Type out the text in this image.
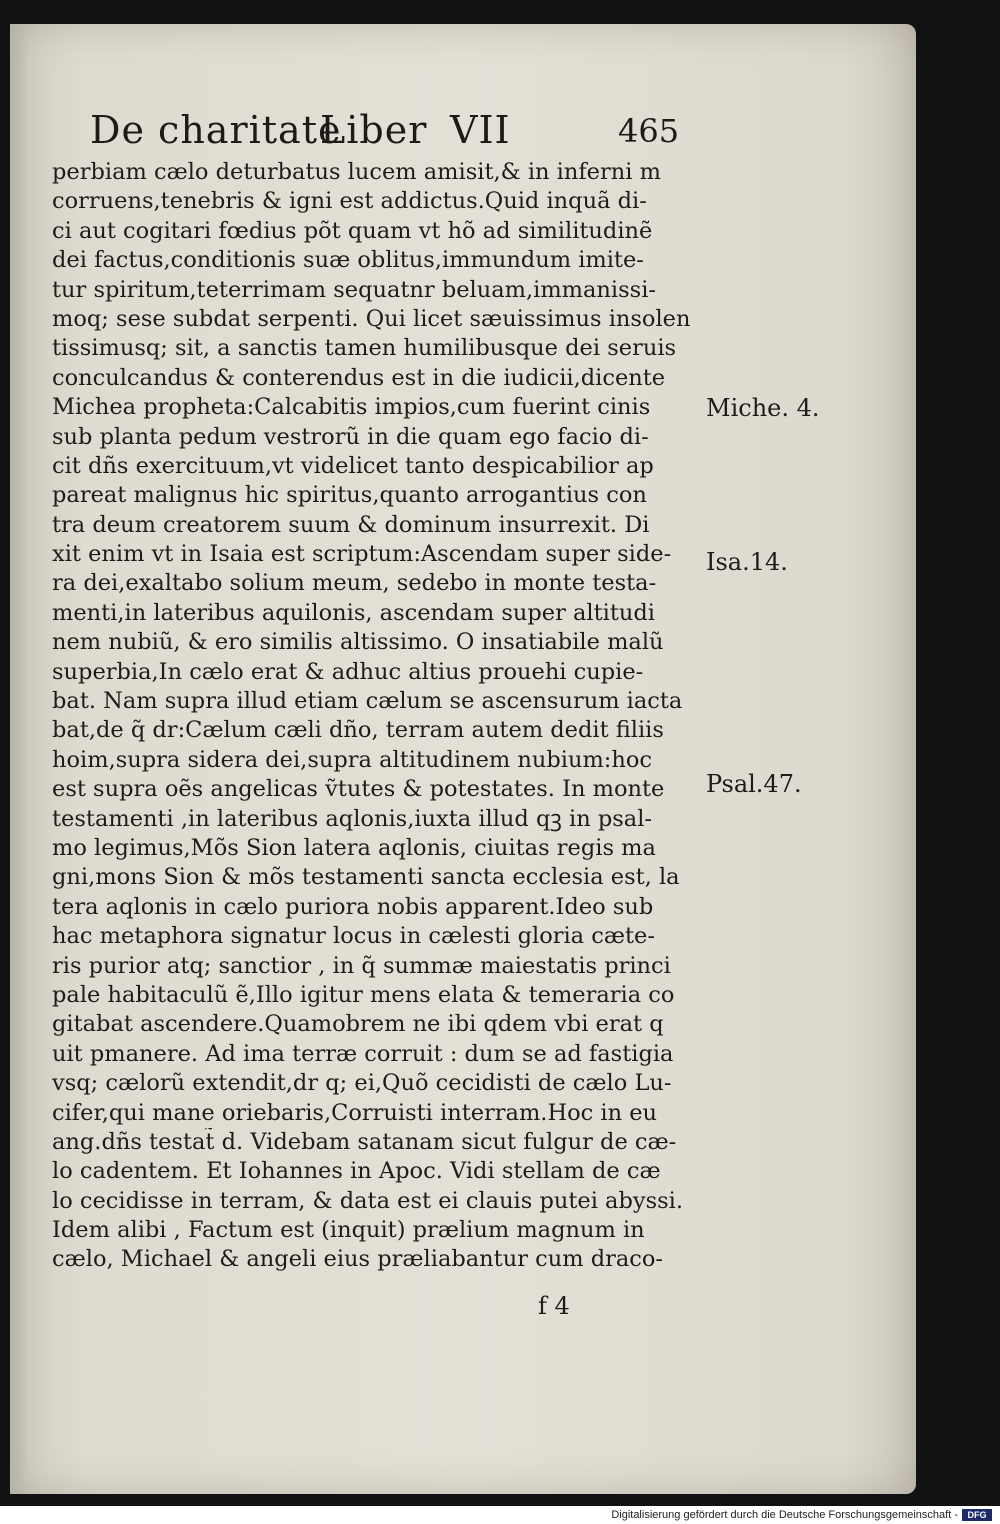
De charitate
Liber VII	465
perbiam cælo deturbatus lucem amisit,& in inferni m
corruens,tenebris & igni est addictus.Quid inquã di-
ci aut cogitari fœdius põt quam vt hõ ad similitudinẽ
dei factus,conditionis suæ oblitus,immundum imite-
tur spiritum,teterrimam sequatnr beluam,immanissi-
moq; sese subdat serpenti. Qui licet sæuissimus insolen
tissimusq; sit, a sanctis tamen humilibusque dei seruis
conculcandus & conterendus est in die iudicii,dicente
Michea propheta:Calcabitis impios,cum fuerint cinis
sub planta pedum vestrorũ in die quam ego facio di-
cit dñs exercituum,vt videlicet tanto despicabilior ap
pareat malignus hic spiritus,quanto arrogantius con
tra deum creatorem suum & dominum insurrexit. Di
xit enim vt in Isaia est scriptum:Ascendam super side-
ra dei,exaltabo solium meum, sedebo in monte testa-
menti,in lateribus aquilonis, ascendam super altitudi
nem nubiũ, & ero similis altissimo. O insatiabile malũ
superbia,In cælo erat & adhuc altius prouehi cupie-
bat. Nam supra illud etiam cælum se ascensurum iacta
bat,de q̃ dr:Cælum cæli dño, terram autem dedit filiis
hoim,supra sidera dei,supra altitudinem nubium:hoc
est supra oẽs angelicas ṽtutes & potestates. In monte
testamenti ,in lateribus aqlonis,iuxta illud qꝫ in psal-
mo legimus,Mõs Sion latera aqlonis, ciuitas regis ma
gni,mons Sion & mõs testamenti sancta ecclesia est, la
tera aqlonis in cælo puriora nobis apparent.Ideo sub
hac metaphora signatur locus in cælesti gloria cæte-
ris purior atq; sanctior , in q̃ summæ maiestatis princi
pale habitaculũ ẽ,Illo igitur mens elata & temeraria co
gitabat ascendere.Quamobrem ne ibi qdem vbi erat q
uit pmanere. Ad ima terræ corruit : dum se ad fastigia
vsq; cælorũ extendit,dr q; ei,Quõ cecidisti de cælo Lu-
cifer,qui mane oriebaris,Corruisti interram.Hoc in eu
ang.dñs testat̃ d. Videbam satanam sicut fulgur de cæ-
lo cadentem. Et Iohannes in Apoc. Vidi stellam de cæ
lo cecidisse in terram, & data est ei clauis putei abyssi.
Idem alibi , Factum est (inquit) prælium magnum in
cælo, Michael & angeli eius præliabantur cum draco-
Miche. 4.
Isa.14.
Psal.47.
f 4
Digitalisierung gefördert durch die Deutsche Forschungsgemeinschaft -	DFG
